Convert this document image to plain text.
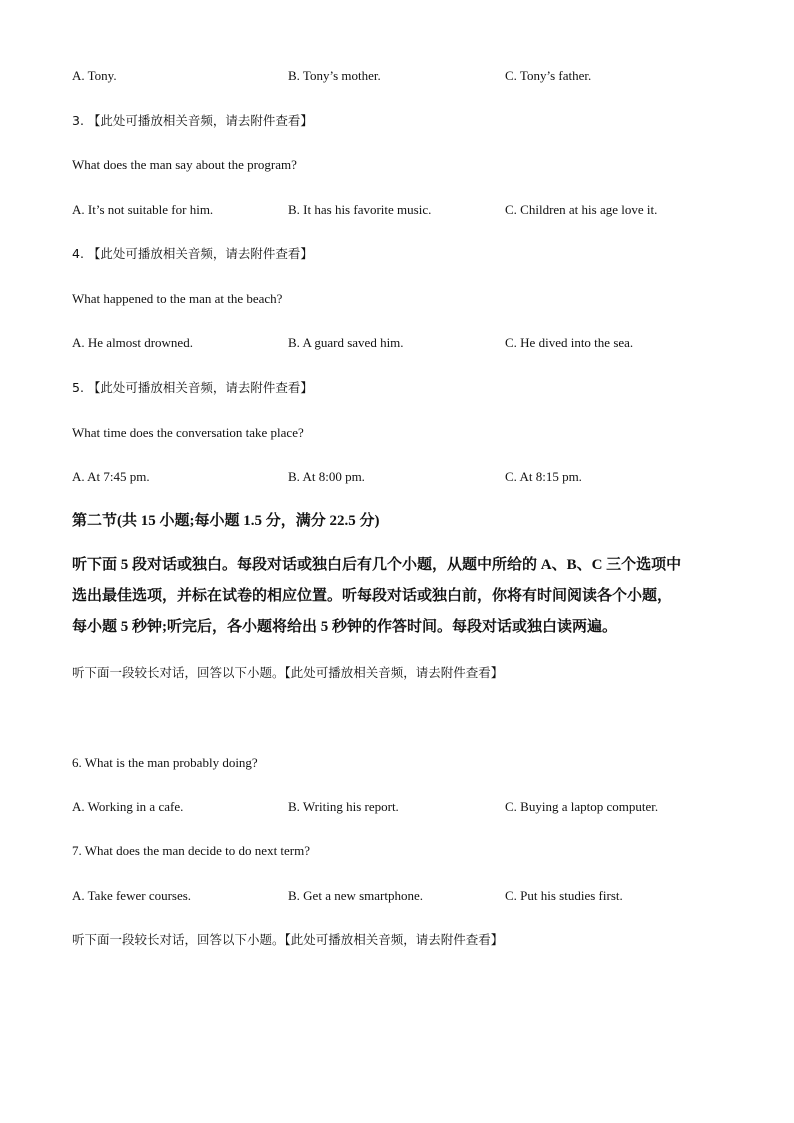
A. Tony.	B. Tony’s mother.	C. Tony’s father.
3. 【此处可播放相关音频，请去附件查看】
What does the man say about the program?
A. It’s not suitable for him.	B. It has his favorite music.	C. Children at his age love it.
4. 【此处可播放相关音频，请去附件查看】
What happened to the man at the beach?
A. He almost drowned.	B. A guard saved him.	C. He dived into the sea.
5. 【此处可播放相关音频，请去附件查看】
What time does the conversation take place?
A. At 7:45 pm.	B. At 8:00 pm.	C. At 8:15 pm.
第二节(共 15 小题;每小题 1.5 分，满分 22.5 分)
听下面 5 段对话或独白。每段对话或独白后有几个小题，从题中所给的 A、B、C 三个选项中
选出最佳选项，并标在试卷的相应位置。听每段对话或独白前，你将有时间阅读各个小题，
每小题 5 秒钟;听完后，各小题将给出 5 秒钟的作答时间。每段对话或独白读两遍。
听下面一段较长对话，回答以下小题。【此处可播放相关音频，请去附件查看】
6. What is the man probably doing?
A. Working in a cafe.	B. Writing his report.	C. Buying a laptop computer.
7. What does the man decide to do next term?
A. Take fewer courses.	B. Get a new smartphone.	C. Put his studies first.
听下面一段较长对话，回答以下小题。【此处可播放相关音频，请去附件查看】
